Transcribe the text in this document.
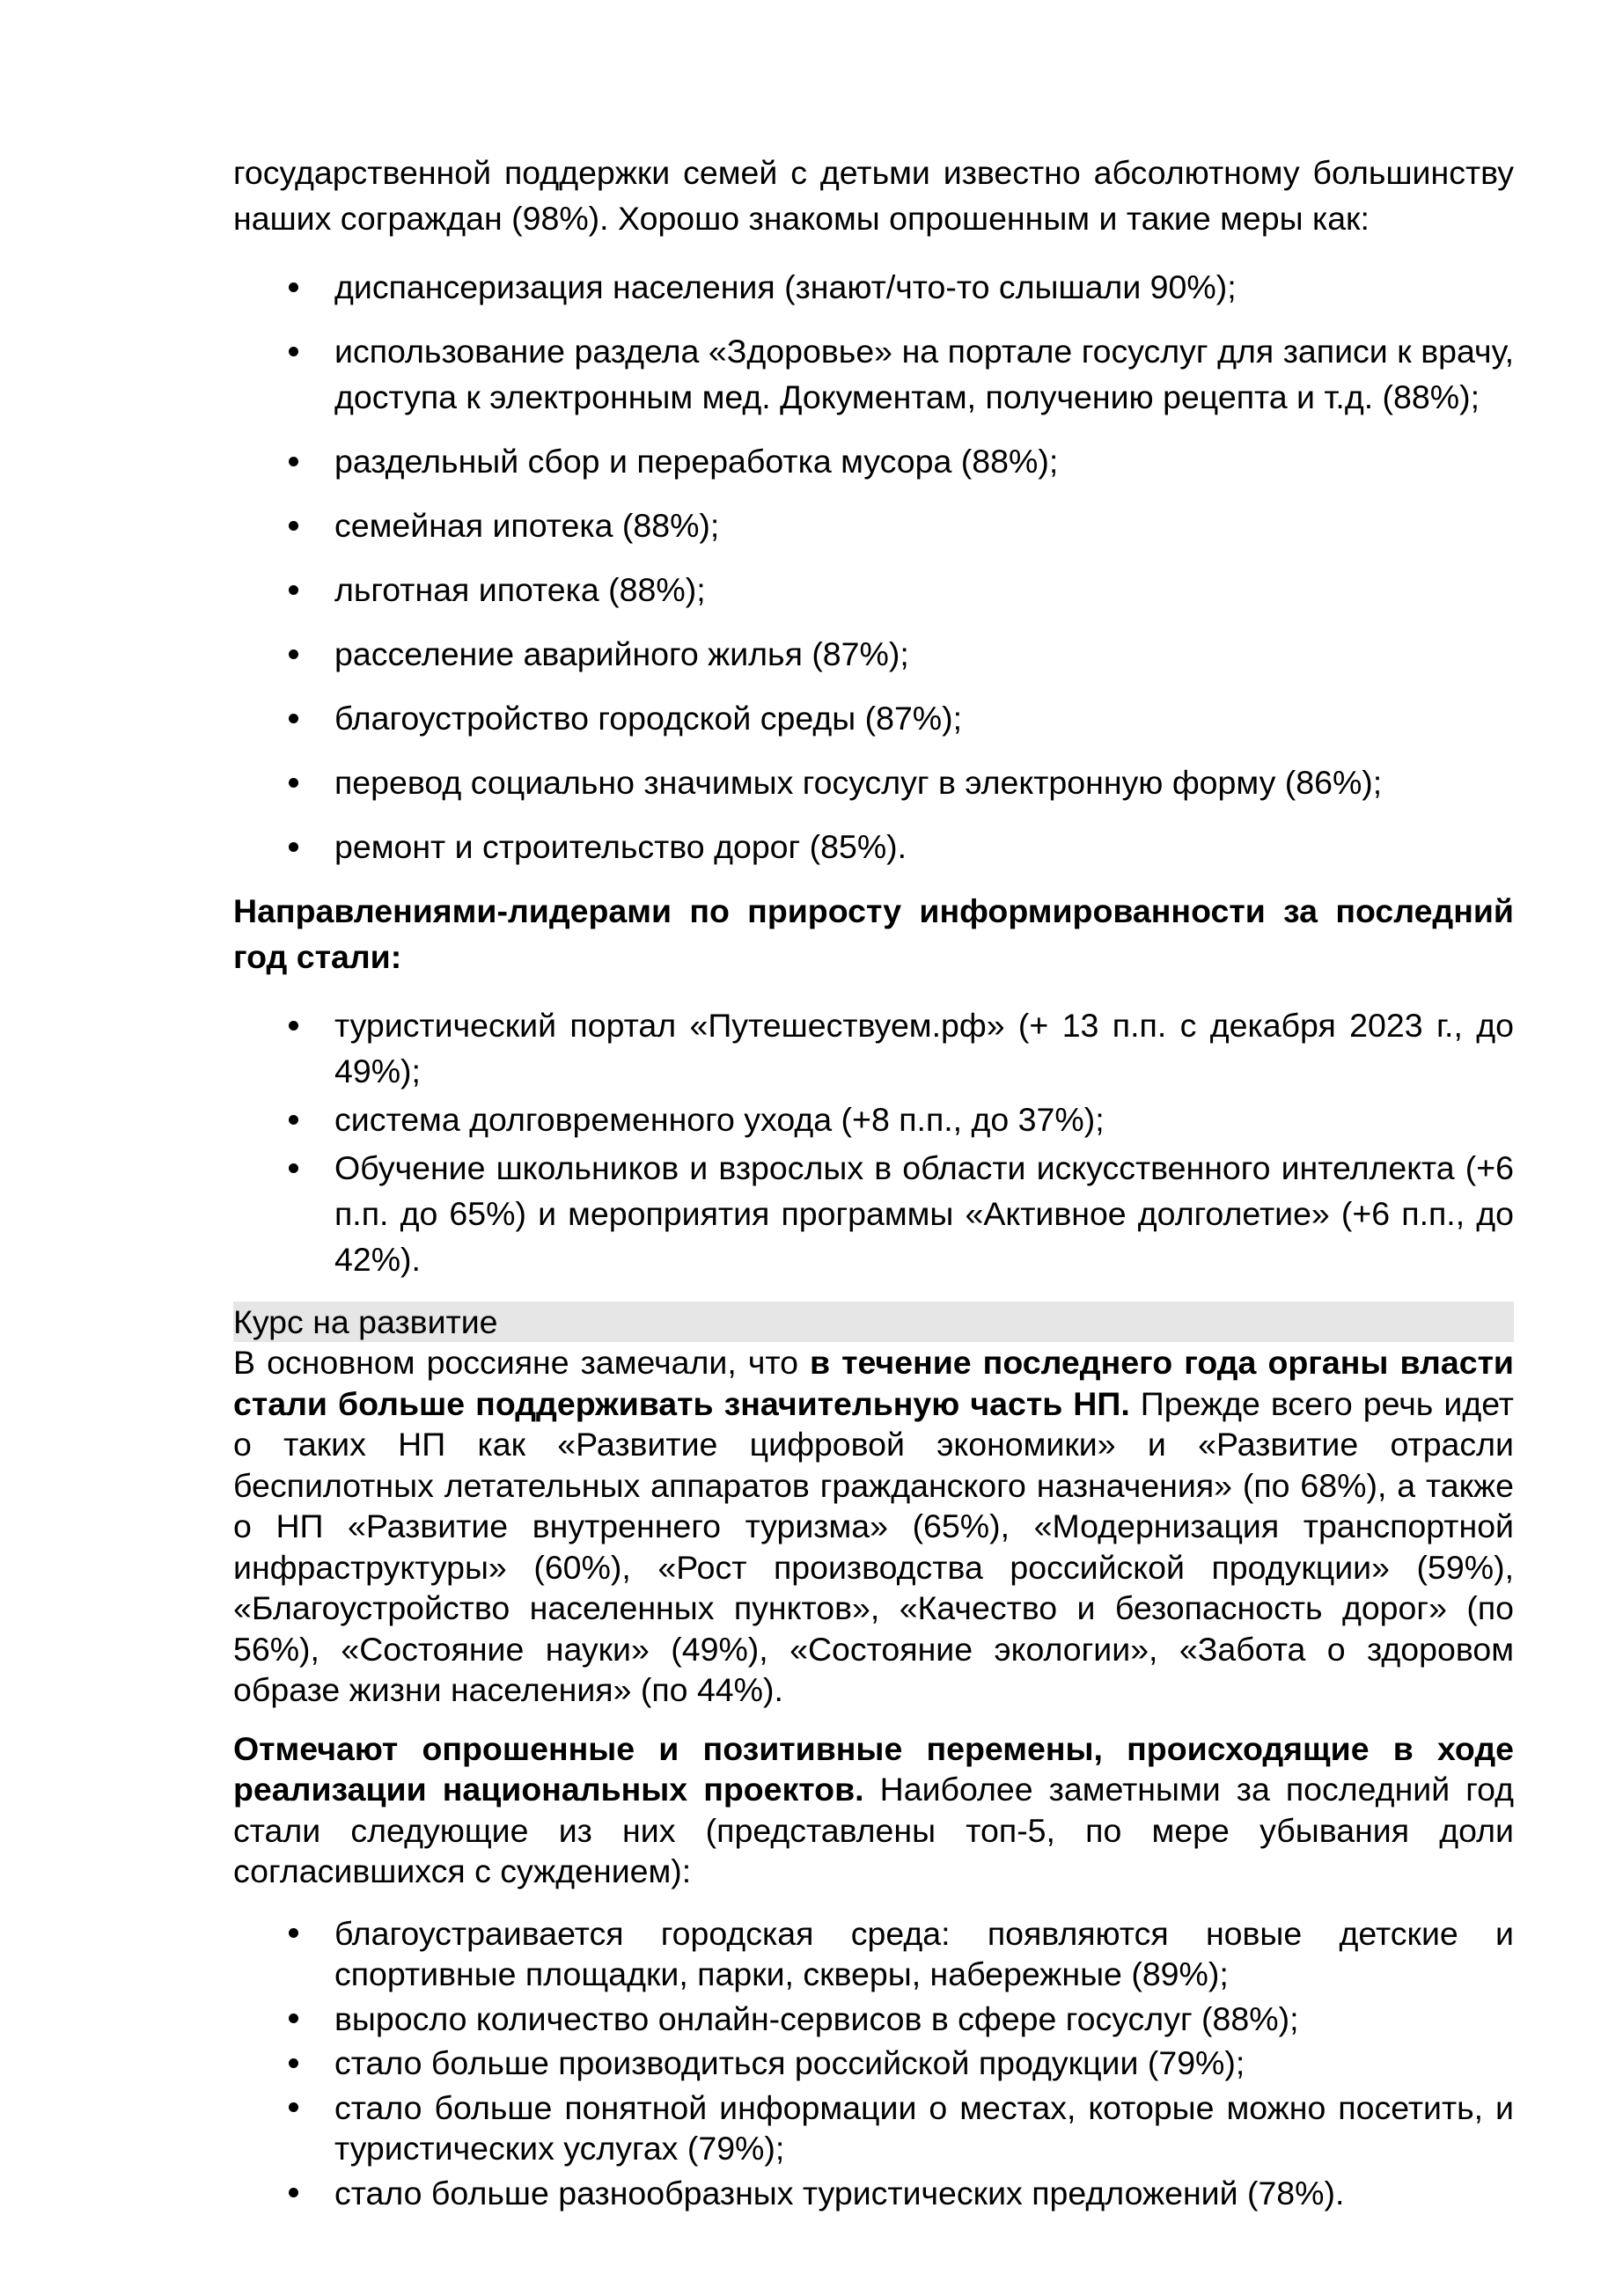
государственной поддержки семей с детьми известно абсолютному большинству наших сограждан (98%). Хорошо знакомы опрошенным и такие меры как:

диспансеризация населения (знают/что-то слышали 90%);
использование раздела «Здоровье» на портале госуслуг для записи к врачу, доступа к электронным мед. Документам, получению рецепта и т.д. (88%);
раздельный сбор и переработка мусора (88%);
семейная ипотека (88%);
льготная ипотека (88%);
расселение аварийного жилья (87%);
благоустройство городской среды (87%);
перевод социально значимых госуслуг в электронную форму (86%);
ремонт и строительство дорог (85%).

Направлениями-лидерами по приросту информированности за последний год стали:

туристический портал «Путешествуем.рф» (+ 13 п.п. с декабря 2023 г., до 49%);
система долговременного ухода (+8 п.п., до 37%);
Обучение школьников и взрослых в области искусственного интеллекта (+6 п.п. до 65%) и мероприятия программы «Активное долголетие» (+6 п.п., до 42%).
Курс на развитие

В основном россияне замечали, что в течение последнего года органы власти стали больше поддерживать значительную часть НП. Прежде всего речь идет о таких НП как «Развитие цифровой экономики» и «Развитие отрасли беспилотных летательных аппаратов гражданского назначения» (по 68%), а также о НП «Развитие внутреннего туризма» (65%), «Модернизация транспортной инфраструктуры» (60%), «Рост производства российской продукции» (59%), «Благоустройство населенных пунктов», «Качество и безопасность дорог» (по 56%), «Состояние науки» (49%), «Состояние экологии», «Забота о здоровом образе жизни населения» (по 44%).

Отмечают опрошенные и позитивные перемены, происходящие в ходе реализации национальных проектов. Наиболее заметными за последний год стали следующие из них (представлены топ-5, по мере убывания доли согласившихся с суждением):

благоустраивается городская среда: появляются новые детские и спортивные площадки, парки, скверы, набережные (89%);
выросло количество онлайн-сервисов в сфере госуслуг (88%);
стало больше производиться российской продукции (79%);
стало больше понятной информации о местах, которые можно посетить, и туристических услугах (79%);
стало больше разнообразных туристических предложений (78%).
